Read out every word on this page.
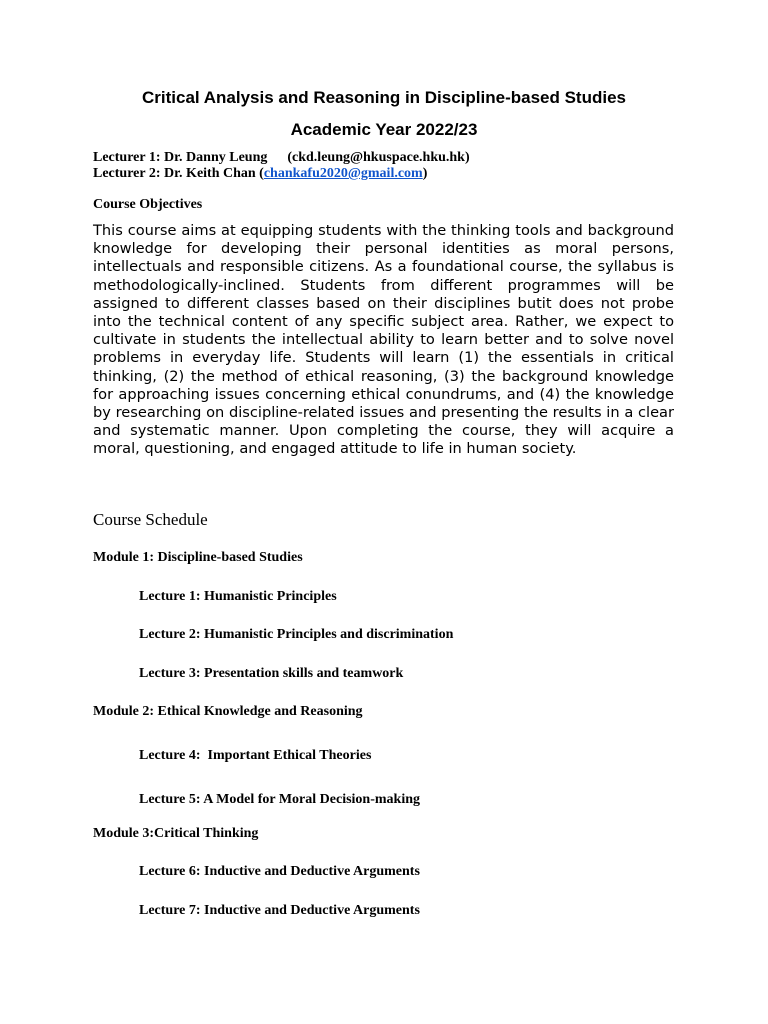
Critical Analysis and Reasoning in Discipline-based Studies
Academic Year 2022/23
Lecturer 1: Dr. Danny Leung (ckd.leung@hkuspace.hku.hk)
Lecturer 2: Dr. Keith Chan (chankafu2020@gmail.com)
Course Objectives

This course aims at equipping students with the thinking tools and background knowledge for developing their personal identities as moral persons, intellectuals and responsible citizens. As a foundational course, the syllabus is methodologically-inclined. Students from different programmes will be assigned to different classes based on their disciplines butit does not probe into the technical content of any specific subject area. Rather, we expect to cultivate in students the intellectual ability to learn better and to solve novel problems in everyday life. Students will learn (1) the essentials in critical thinking, (2) the method of ethical reasoning, (3) the background knowledge for approaching issues concerning ethical conundrums, and (4) the knowledge by researching on discipline-related issues and presenting the results in a clear and systematic manner. Upon completing the course, they will acquire a moral, questioning, and engaged attitude to life in human society.

Course Schedule
Module 1: Discipline-based Studies
Lecture 1: Humanistic Principles
Lecture 2: Humanistic Principles and discrimination
Lecture 3: Presentation skills and teamwork
Module 2: Ethical Knowledge and Reasoning
Lecture 4:  Important Ethical Theories
Lecture 5: A Model for Moral Decision-making
Module 3:Critical Thinking
Lecture 6: Inductive and Deductive Arguments
Lecture 7: Inductive and Deductive Arguments
